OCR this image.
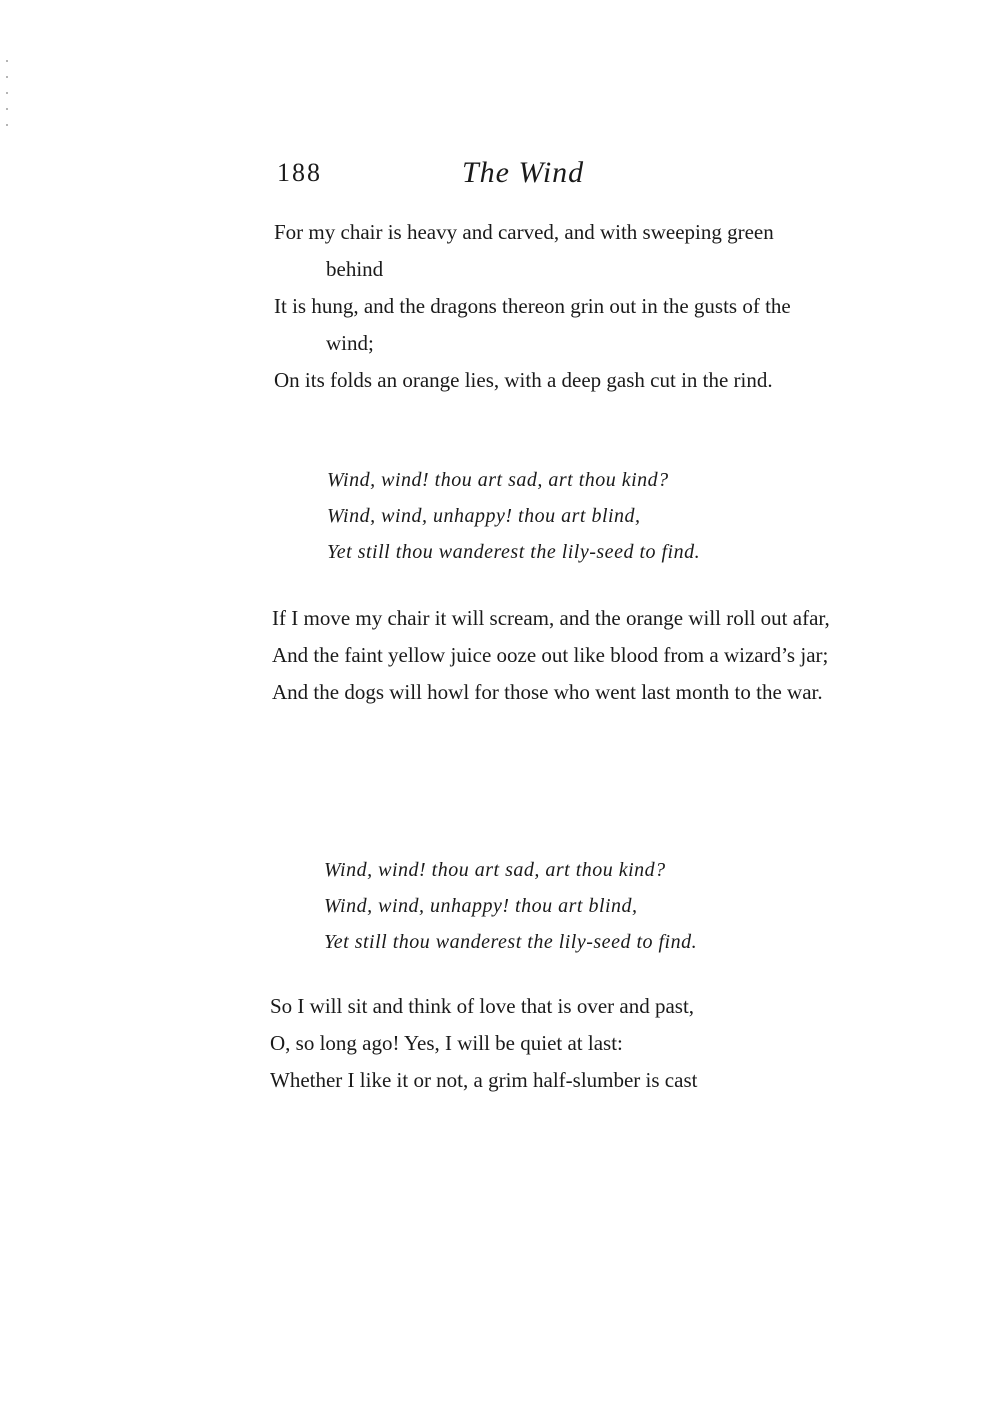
188	The Wind
For my chair is heavy and carved, and with sweeping green behind
It is hung, and the dragons thereon grin out in the gusts of the wind;
On its folds an orange lies, with a deep gash cut in the rind.
Wind, wind! thou art sad, art thou kind?
Wind, wind, unhappy! thou art blind,
Yet still thou wanderest the lily-seed to find.
If I move my chair it will scream, and the orange will roll out afar,
And the faint yellow juice ooze out like blood from a wizard’s jar;
And the dogs will howl for those who went last month to the war.
Wind, wind! thou art sad, art thou kind?
Wind, wind, unhappy! thou art blind,
Yet still thou wanderest the lily-seed to find.
So I will sit and think of love that is over and past,
O, so long ago! Yes, I will be quiet at last:
Whether I like it or not, a grim half-slumber is cast
